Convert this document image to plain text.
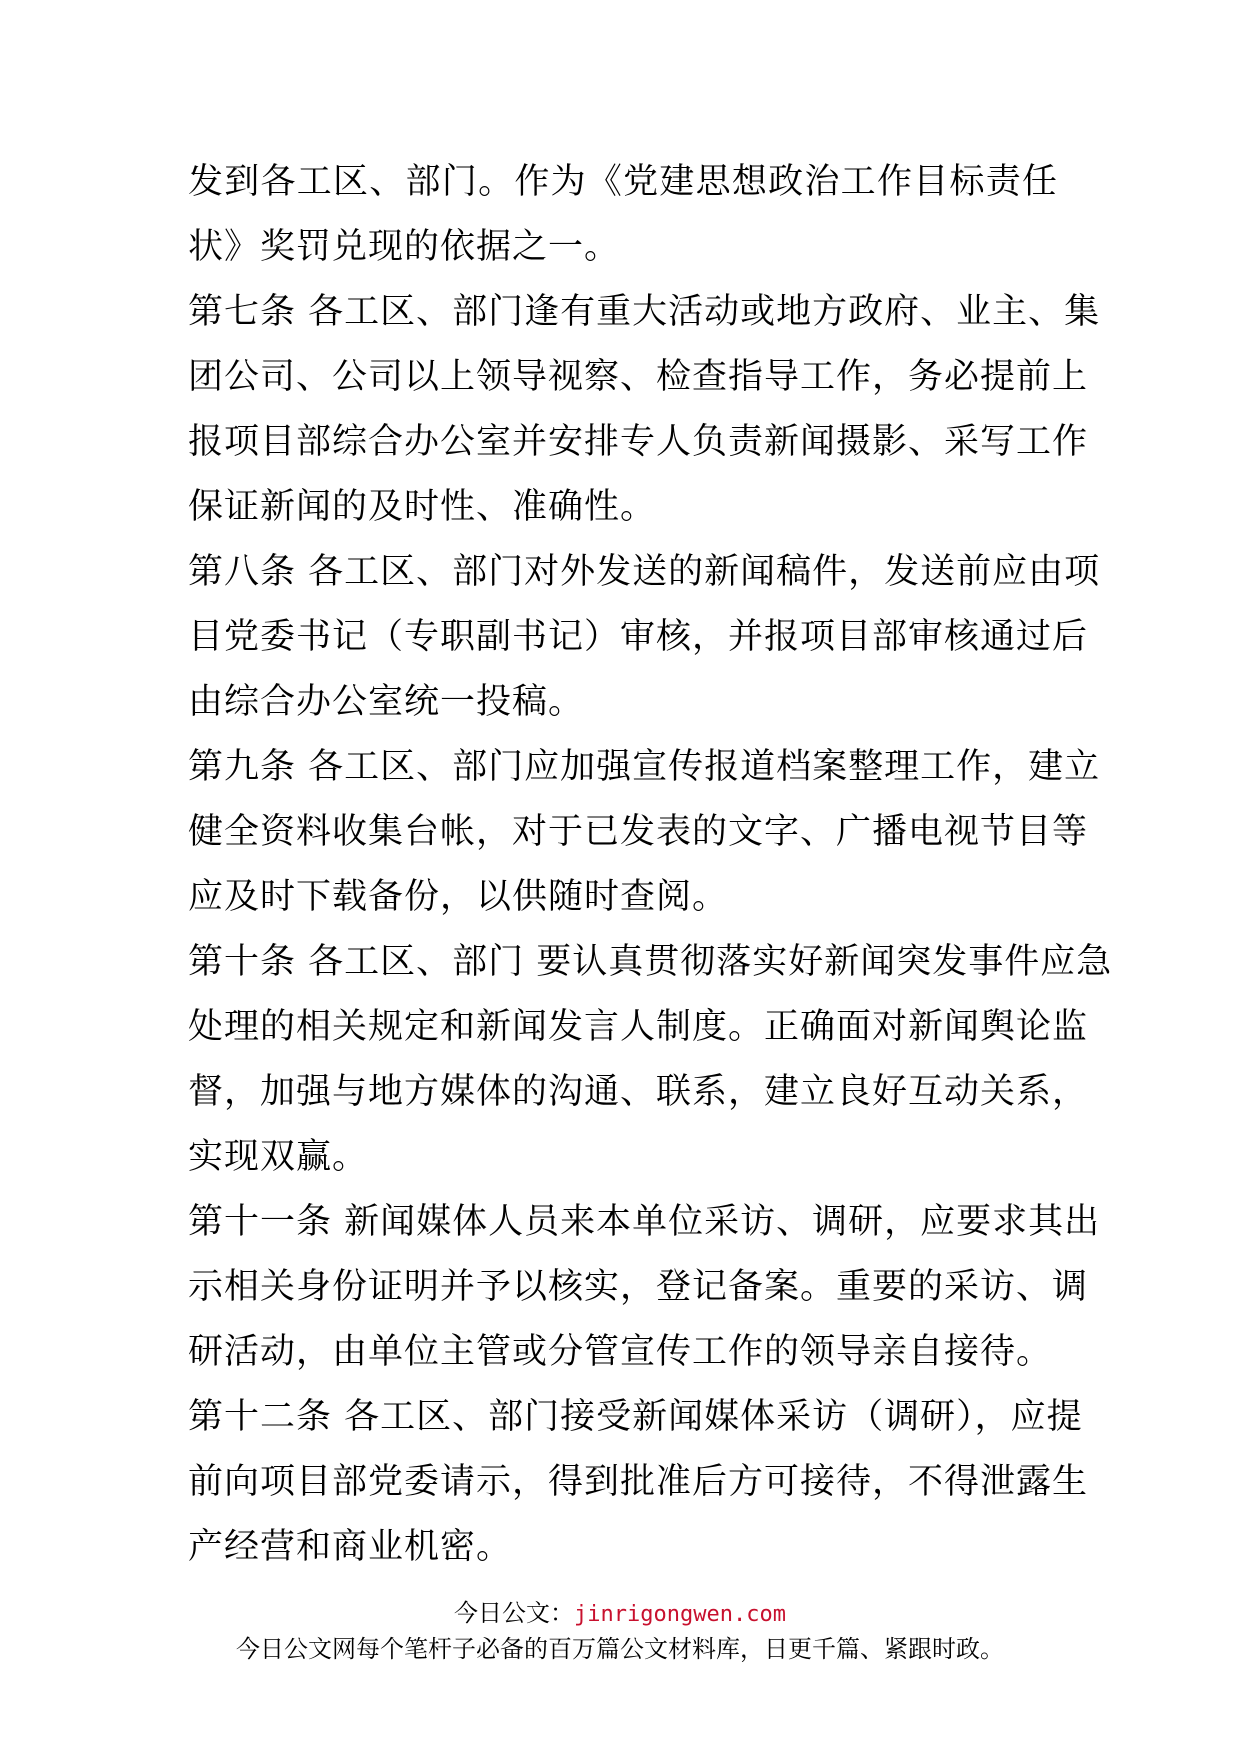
发到各工区、部门。作为《党建思想政治工作目标责任
状》奖罚兑现的依据之一。
第七条 各工区、部门逢有重大活动或地方政府、业主、集
团公司、公司以上领导视察、检查指导工作，务必提前上
报项目部综合办公室并安排专人负责新闻摄影、采写工作
保证新闻的及时性、准确性。
第八条 各工区、部门对外发送的新闻稿件，发送前应由项
目党委书记（专职副书记）审核，并报项目部审核通过后
由综合办公室统一投稿。
第九条 各工区、部门应加强宣传报道档案整理工作，建立
健全资料收集台帐，对于已发表的文字、广播电视节目等
应及时下载备份，以供随时查阅。
第十条 各工区、部门 要认真贯彻落实好新闻突发事件应急
处理的相关规定和新闻发言人制度。正确面对新闻舆论监
督，加强与地方媒体的沟通、联系，建立良好互动关系，
实现双赢。
第十一条 新闻媒体人员来本单位采访、调研，应要求其出
示相关身份证明并予以核实，登记备案。重要的采访、调
研活动，由单位主管或分管宣传工作的领导亲自接待。
第十二条 各工区、部门接受新闻媒体采访（调研），应提
前向项目部党委请示，得到批准后方可接待，不得泄露生
产经营和商业机密。
今日公文：jinrigongwen.com
今日公文网每个笔杆子必备的百万篇公文材料库，日更千篇、紧跟时政。
